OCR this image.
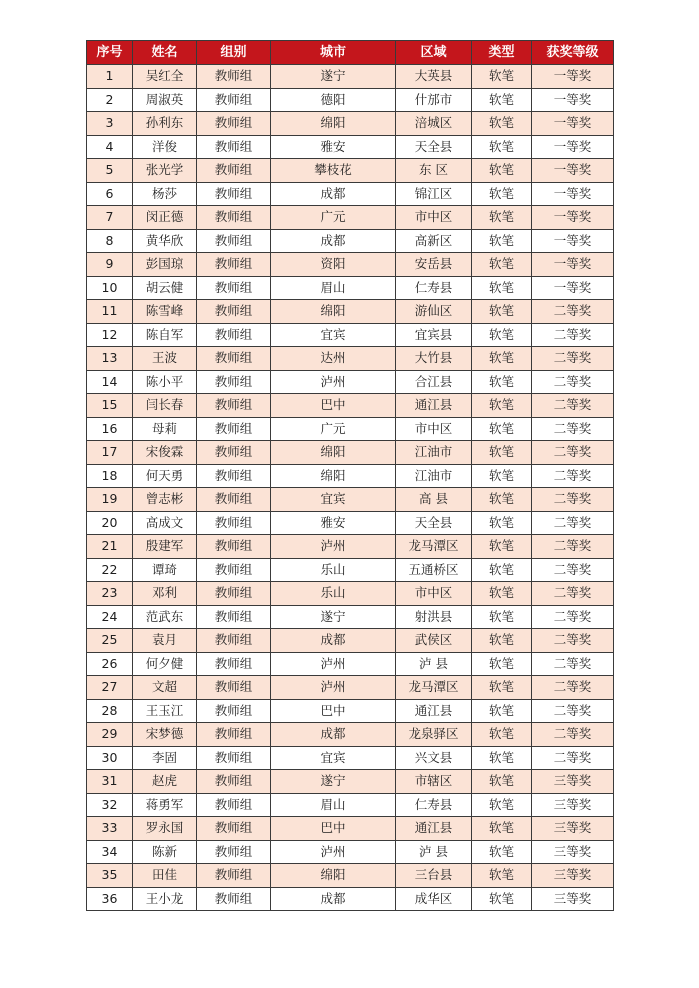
序号	姓名	组别	城市	区域	类型	获奖等级
1	吴红全	教师组	遂宁	大英县	软笔	一等奖
2	周淑英	教师组	德阳	什邡市	软笔	一等奖
3	孙利东	教师组	绵阳	涪城区	软笔	一等奖
4	洋俊	教师组	雅安	天全县	软笔	一等奖
5	张光学	教师组	攀枝花	东 区	软笔	一等奖
6	杨莎	教师组	成都	锦江区	软笔	一等奖
7	闵正德	教师组	广元	市中区	软笔	一等奖
8	黄华欣	教师组	成都	高新区	软笔	一等奖
9	彭国琼	教师组	资阳	安岳县	软笔	一等奖
10	胡云健	教师组	眉山	仁寿县	软笔	一等奖
11	陈雪峰	教师组	绵阳	游仙区	软笔	二等奖
12	陈自军	教师组	宜宾	宜宾县	软笔	二等奖
13	王波	教师组	达州	大竹县	软笔	二等奖
14	陈小平	教师组	泸州	合江县	软笔	二等奖
15	闫长春	教师组	巴中	通江县	软笔	二等奖
16	母莉	教师组	广元	市中区	软笔	二等奖
17	宋俊霖	教师组	绵阳	江油市	软笔	二等奖
18	何天勇	教师组	绵阳	江油市	软笔	二等奖
19	曾志彬	教师组	宜宾	高 县	软笔	二等奖
20	高成文	教师组	雅安	天全县	软笔	二等奖
21	殷建军	教师组	泸州	龙马潭区	软笔	二等奖
22	谭琦	教师组	乐山	五通桥区	软笔	二等奖
23	邓利	教师组	乐山	市中区	软笔	二等奖
24	范武东	教师组	遂宁	射洪县	软笔	二等奖
25	袁月	教师组	成都	武侯区	软笔	二等奖
26	何夕健	教师组	泸州	泸 县	软笔	二等奖
27	文超	教师组	泸州	龙马潭区	软笔	二等奖
28	王玉江	教师组	巴中	通江县	软笔	二等奖
29	宋梦德	教师组	成都	龙泉驿区	软笔	二等奖
30	李固	教师组	宜宾	兴文县	软笔	二等奖
31	赵虎	教师组	遂宁	市辖区	软笔	三等奖
32	蒋勇军	教师组	眉山	仁寿县	软笔	三等奖
33	罗永国	教师组	巴中	通江县	软笔	三等奖
34	陈新	教师组	泸州	泸 县	软笔	三等奖
35	田佳	教师组	绵阳	三台县	软笔	三等奖
36	王小龙	教师组	成都	成华区	软笔	三等奖
